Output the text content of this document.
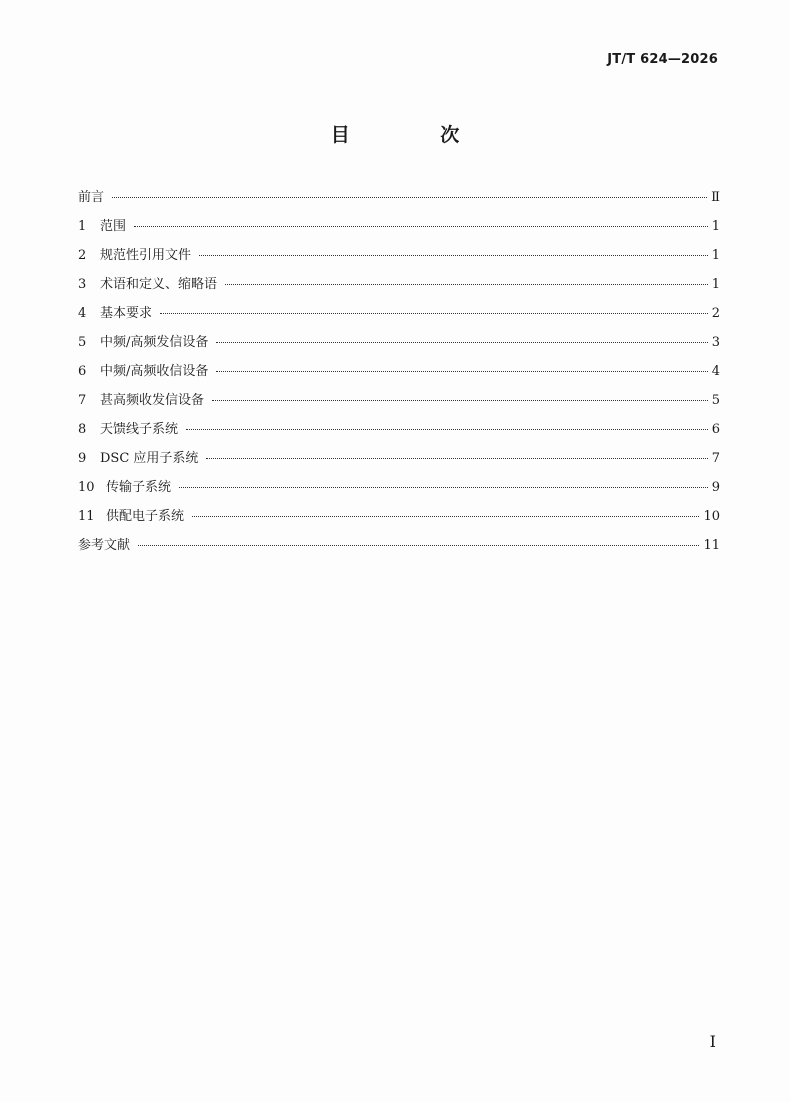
JT/T 624—2026
目 次
前言	Ⅱ
1	范围	1
2	规范性引用文件	1
3	术语和定义、缩略语	1
4	基本要求	2
5	中频/高频发信设备	3
6	中频/高频收信设备	4
7	甚高频收发信设备	5
8	天馈线子系统	6
9	DSC 应用子系统	7
10 传输子系统	9
11 供配电子系统	10
参考文献	11
I
